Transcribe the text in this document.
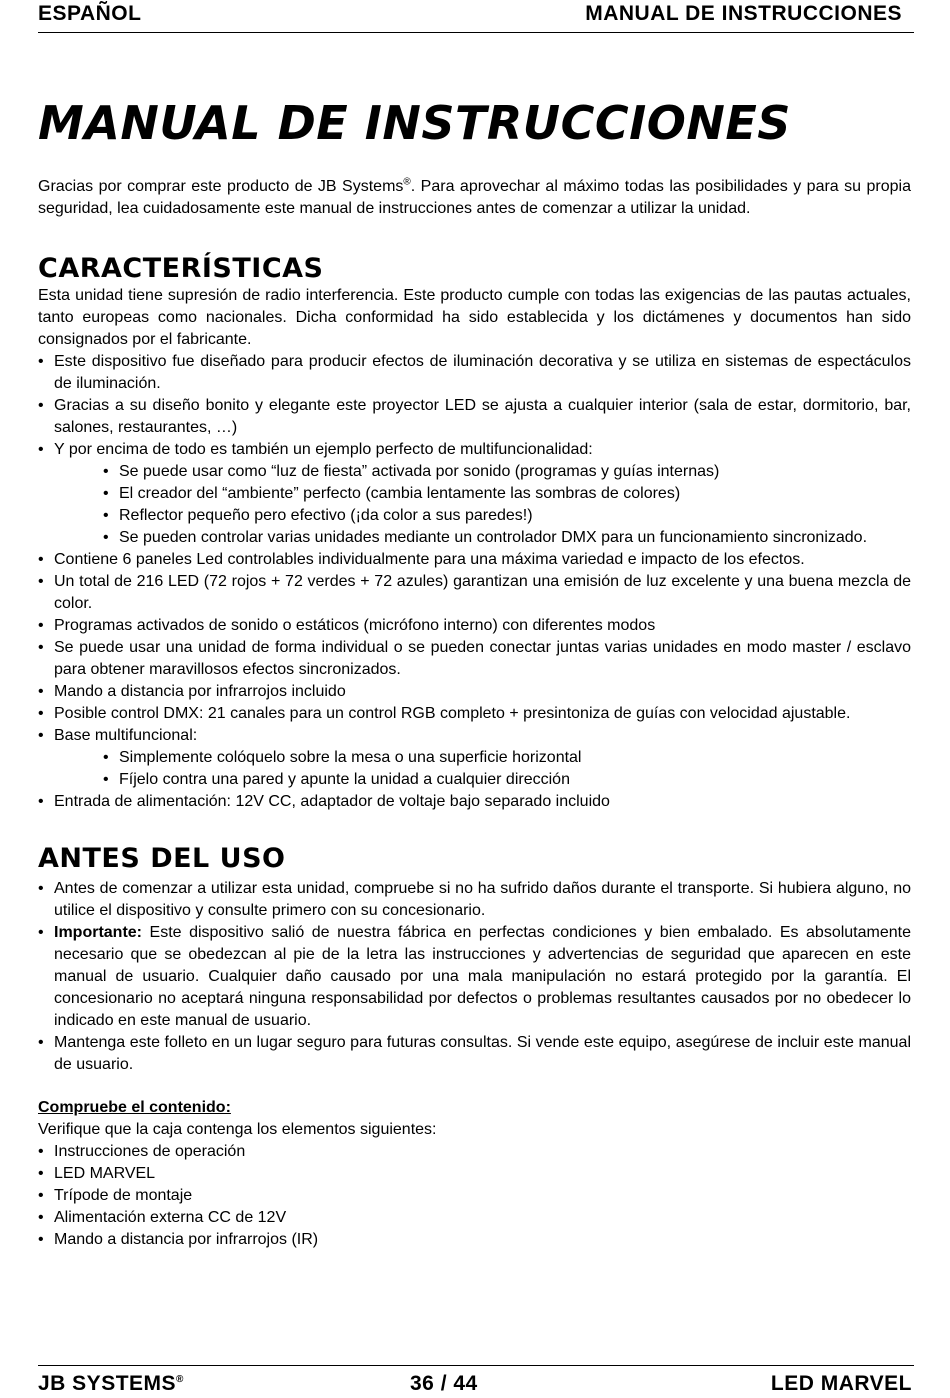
ESPAÑOL	MANUAL DE INSTRUCCIONES
MANUAL DE INSTRUCCIONES

Gracias por comprar este producto de JB Systems®. Para aprovechar al máximo todas las posibilidades y para su propia seguridad, lea cuidadosamente este manual de instrucciones antes de comenzar a utilizar la unidad.

CARACTERÍSTICAS

Esta unidad tiene supresión de radio interferencia. Este producto cumple con todas las exigencias de las pautas actuales, tanto europeas como nacionales. Dicha conformidad ha sido establecida y los dictámenes y documentos han sido consignados por el fabricante.

• Este dispositivo fue diseñado para producir efectos de iluminación decorativa y se utiliza en sistemas de espectáculos de iluminación.
• Gracias a su diseño bonito y elegante este proyector LED se ajusta a cualquier interior (sala de estar, dormitorio, bar, salones, restaurantes, …)
• Y por encima de todo es también un ejemplo perfecto de multifuncionalidad:
• Se puede usar como “luz de fiesta” activada por sonido (programas y guías internas)
• El creador del “ambiente” perfecto (cambia lentamente las sombras de colores)
• Reflector pequeño pero efectivo (¡da color a sus paredes!)
• Se pueden controlar varias unidades mediante un controlador DMX para un funcionamiento sincronizado.
• Contiene 6 paneles Led controlables individualmente para una máxima variedad e impacto de los efectos.
• Un total de 216 LED (72 rojos + 72 verdes + 72 azules) garantizan una emisión de luz excelente y una buena mezcla de color.
• Programas activados de sonido o estáticos (micrófono interno) con diferentes modos
• Se puede usar una unidad de forma individual o se pueden conectar juntas varias unidades en modo master / esclavo para obtener maravillosos efectos sincronizados.
• Mando a distancia por infrarrojos incluido
• Posible control DMX: 21 canales para un control RGB completo + presintoniza de guías con velocidad ajustable.
• Base multifuncional:
• Simplemente colóquelo sobre la mesa o una superficie horizontal
• Fíjelo contra una pared y apunte la unidad a cualquier dirección
• Entrada de alimentación: 12V CC, adaptador de voltaje bajo separado incluido
ANTES DEL USO
• Antes de comenzar a utilizar esta unidad, compruebe si no ha sufrido daños durante el transporte. Si hubiera alguno, no utilice el dispositivo y consulte primero con su concesionario.
• Importante: Este dispositivo salió de nuestra fábrica en perfectas condiciones y bien embalado. Es absolutamente necesario que se obedezcan al pie de la letra las instrucciones y advertencias de seguridad que aparecen en este manual de usuario. Cualquier daño causado por una mala manipulación no estará protegido por la garantía. El concesionario no aceptará ninguna responsabilidad por defectos o problemas resultantes causados por no obedecer lo indicado en este manual de usuario.
• Mantenga este folleto en un lugar seguro para futuras consultas. Si vende este equipo, asegúrese de incluir este manual de usuario.

Compruebe el contenido:

Verifique que la caja contenga los elementos siguientes:

• Instrucciones de operación
• LED MARVEL
• Trípode de montaje
• Alimentación externa CC de 12V
• Mando a distancia por infrarrojos (IR)
JB SYSTEMS®	36 / 44	LED MARVEL
